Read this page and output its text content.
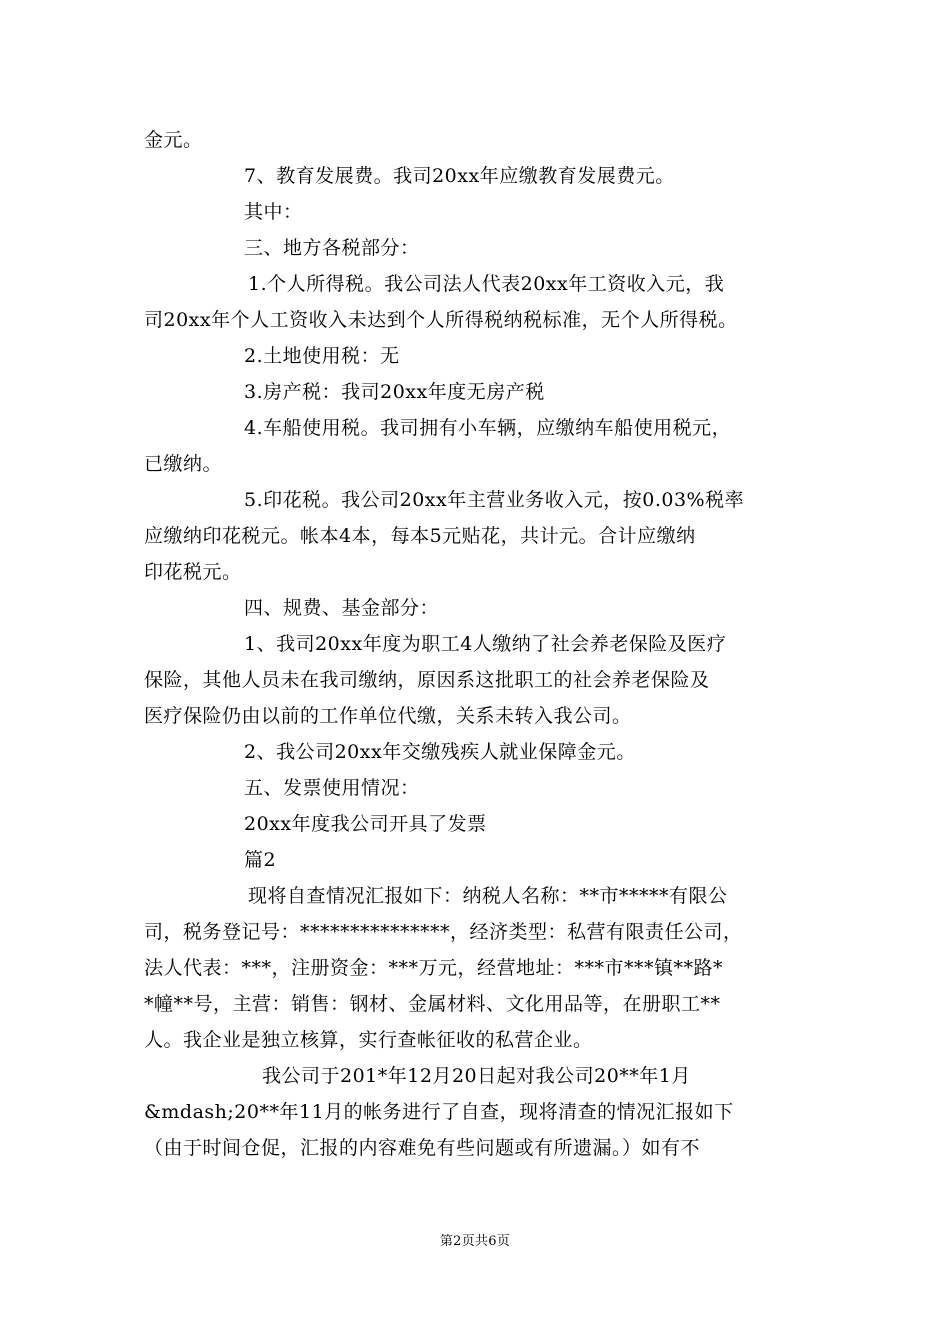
金元。
7、教育发展费。我司20xx年应缴教育发展费元。
其中：
三、地方各税部分：
1.个人所得税。我公司法人代表20xx年工资收入元，我
司20xx年个人工资收入未达到个人所得税纳税标准，无个人所得税。
2.土地使用税：无
3.房产税：我司20xx年度无房产税
4.车船使用税。我司拥有小车辆，应缴纳车船使用税元，
已缴纳。
5.印花税。我公司20xx年主营业务收入元，按0.03%税率
应缴纳印花税元。帐本4本，每本5元贴花，共计元。合计应缴纳
印花税元。
四、规费、基金部分：
1、我司20xx年度为职工4人缴纳了社会养老保险及医疗
保险，其他人员未在我司缴纳，原因系这批职工的社会养老保险及
医疗保险仍由以前的工作单位代缴，关系未转入我公司。
2、我公司20xx年交缴残疾人就业保障金元。
五、发票使用情况：
20xx年度我公司开具了发票
篇2
现将自查情况汇报如下：纳税人名称：**市*****有限公
司，税务登记号：***************，经济类型：私营有限责任公司，
法人代表：***，注册资金：***万元，经营地址：***市***镇**路*
*幢**号，主营：销售：钢材、金属材料、文化用品等，在册职工**
人。我企业是独立核算，实行查帐征收的私营企业。
我公司于201*年12月20日起对我公司20**年1月
&mdash;20**年11月的帐务进行了自查，现将清查的情况汇报如下
（由于时间仓促，汇报的内容难免有些问题或有所遗漏。）如有不
第2页共6页
